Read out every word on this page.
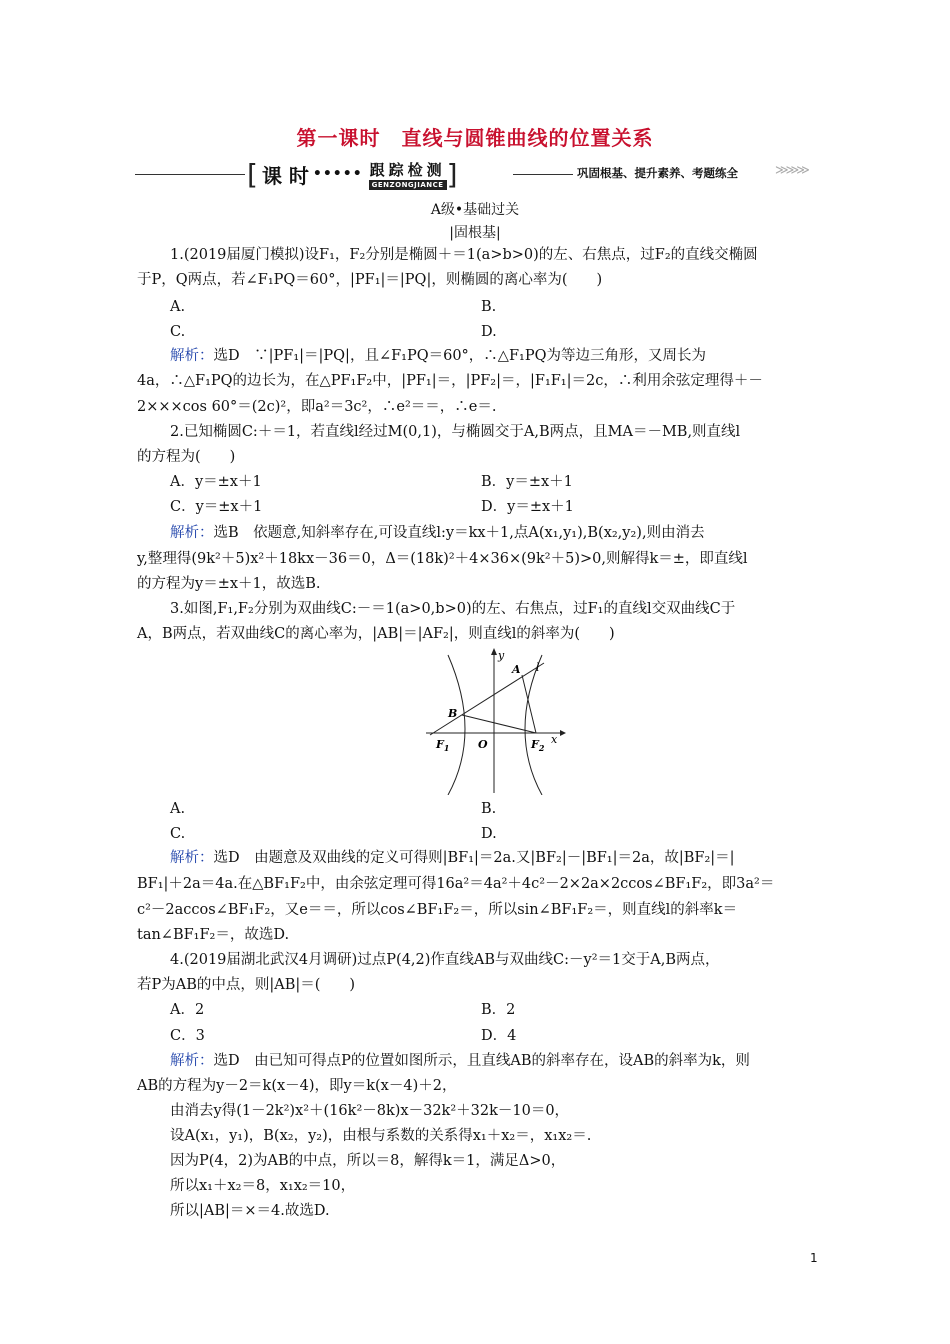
第一课时　直线与圆锥曲线的位置关系
[ 课 时 ••••• 跟踪检测
GENZONGJIANCE ]	巩固根基、提升素养、考题练全	≫≫≫
A级•基础过关
|固根基|
1.(2019届厦门模拟)设F₁，F₂分别是椭圆＋＝1(a>b>0)的左、右焦点，过F₂的直线交椭圆
于P，Q两点，若∠F₁PQ＝60°，|PF₁|＝|PQ|，则椭圆的离心率为(　　)
A.	B.
C.	D.
解析：选D　∵|PF₁|＝|PQ|，且∠F₁PQ＝60°，∴△F₁PQ为等边三角形，又周长为
4a，∴△F₁PQ的边长为，在△PF₁F₂中，|PF₁|＝，|PF₂|＝，|F₁F₁|＝2c，∴利用余弦定理得＋－
2×××cos 60°＝(2c)²，即a²＝3c²，∴e²＝＝，∴e＝.
2.已知椭圆C:＋＝1，若直线l经过M(0,1)，与椭圆交于A,B两点，且MA＝－MB,则直线l
的方程为(　　)
A．y＝±x＋1	B．y＝±x＋1
C．y＝±x＋1	D．y＝±x＋1
解析：选B　依题意,知斜率存在,可设直线l:y＝kx＋1,点A(x₁,y₁),B(x₂,y₂),则由消去
y,整理得(9k²＋5)x²＋18kx－36＝0，Δ＝(18k)²＋4×36×(9k²＋5)>0,则解得k＝±，即直线l
的方程为y＝±x＋1，故选B.
3.如图,F₁,F₂分别为双曲线C:－＝1(a>0,b>0)的左、右焦点，过F₁的直线l交双曲线C于
A，B两点，若双曲线C的离心率为，|AB|＝|AF₂|，则直线l的斜率为(　　)
y
x
A l
B
$F_1$	O	$F_2$
A.	B.
C.	D.
解析：选D　由题意及双曲线的定义可得则|BF₁|＝2a.又|BF₂|－|BF₁|＝2a，故|BF₂|＝|
BF₁|＋2a＝4a.在△BF₁F₂中，由余弦定理可得16a²＝4a²＋4c²－2×2a×2ccos∠BF₁F₂，即3a²＝
c²－2accos∠BF₁F₂，又e＝＝，所以cos∠BF₁F₂＝，所以sin∠BF₁F₂＝，则直线l的斜率k＝
tan∠BF₁F₂＝，故选D.
4.(2019届湖北武汉4月调研)过点P(4,2)作直线AB与双曲线C:－y²＝1交于A,B两点，
若P为AB的中点，则|AB|＝(　　)
A．2	B．2
C．3	D．4
解析：选D　由已知可得点P的位置如图所示，且直线AB的斜率存在，设AB的斜率为k，则
AB的方程为y－2＝k(x－4)，即y＝k(x－4)＋2，
由消去y得(1－2k²)x²＋(16k²－8k)x－32k²＋32k－10＝0，
设A(x₁，y₁)，B(x₂，y₂)，由根与系数的关系得x₁＋x₂＝，x₁x₂＝.
因为P(4，2)为AB的中点，所以＝8，解得k＝1，满足Δ>0，
所以x₁＋x₂＝8，x₁x₂＝10，
所以|AB|＝×＝4.故选D.
1
